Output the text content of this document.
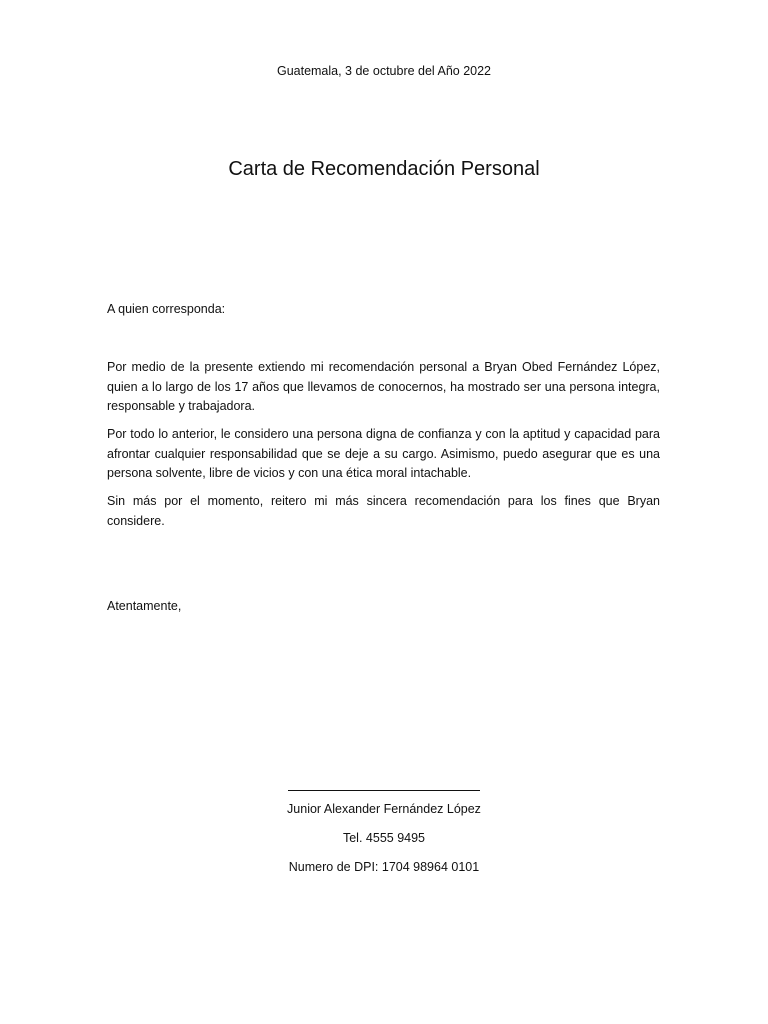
Guatemala, 3 de octubre del Año 2022
Carta de Recomendación Personal
A quien corresponda:

Por medio de la presente extiendo mi recomendación personal a Bryan Obed Fernández López, quien a lo largo de los 17 años que llevamos de conocernos, ha mostrado ser una persona integra, responsable y trabajadora.

Por todo lo anterior, le considero una persona digna de confianza y con la aptitud y capacidad para afrontar cualquier responsabilidad que se deje a su cargo. Asimismo, puedo asegurar que es una persona solvente, libre de vicios y con una ética moral intachable.

Sin más por el momento, reitero mi más sincera recomendación para los fines que Bryan considere.

Atentamente,
Junior Alexander Fernández López
Tel. 4555 9495
Numero de DPI: 1704 98964 0101
